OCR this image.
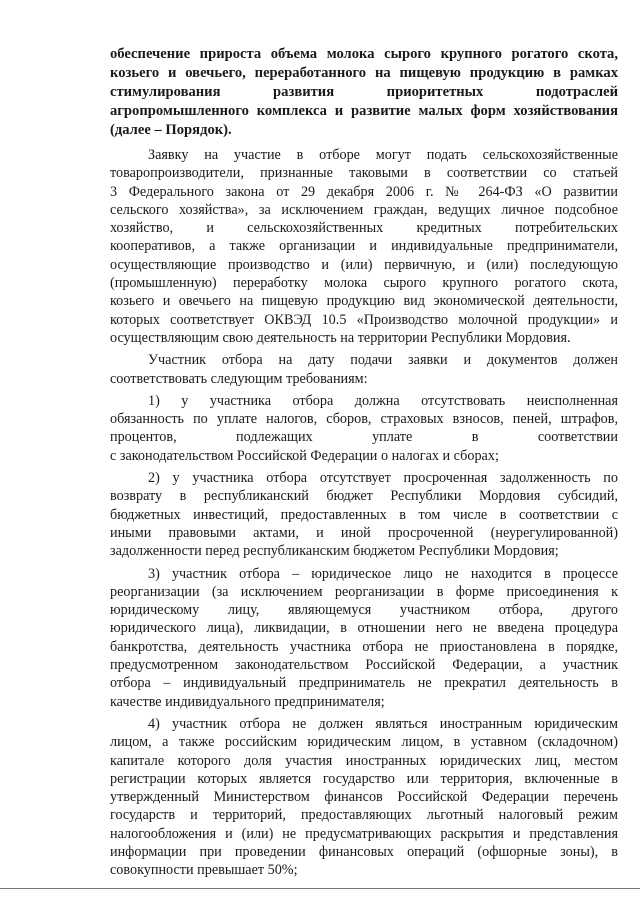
обеспечение прироста объема молока сырого крупного рогатого скота,
козьего и овечьего, переработанного на пищевую продукцию в рамках
стимулирования развития приоритетных подотраслей
агропромышленного комплекса и развитие малых форм хозяйствования
(далее – Порядок).
Заявку на участие в отборе могут подать сельскохозяйственные
товаропроизводители, признанные таковыми в соответствии со статьей
3 Федерального закона от 29 декабря 2006 г. № 264-ФЗ «О развитии
сельского хозяйства», за исключением граждан, ведущих личное подсобное
хозяйство, и сельскохозяйственных кредитных потребительских
кооперативов, а также организации и индивидуальные предприниматели,
осуществляющие производство и (или) первичную, и (или) последующую
(промышленную) переработку молока сырого крупного рогатого скота,
козьего и овечьего на пищевую продукцию вид экономической деятельности,
которых соответствует ОКВЭД 10.5 «Производство молочной продукции» и
осуществляющим свою деятельность на территории Республики Мордовия.
Участник отбора на дату подачи заявки и документов должен
соответствовать следующим требованиям:
1) у участника отбора должна отсутствовать неисполненная
обязанность по уплате налогов, сборов, страховых взносов, пеней, штрафов,
процентов, подлежащих уплате в соответствии
с законодательством Российской Федерации о налогах и сборах;
2) у участника отбора отсутствует просроченная задолженность по
возврату в республиканский бюджет Республики Мордовия субсидий,
бюджетных инвестиций, предоставленных в том числе в соответствии с
иными правовыми актами, и иной просроченной (неурегулированной)
задолженности перед республиканским бюджетом Республики Мордовия;
3) участник отбора – юридическое лицо не находится в процессе
реорганизации (за исключением реорганизации в форме присоединения к
юридическому лицу, являющемуся участником отбора, другого
юридического лица), ликвидации, в отношении него не введена процедура
банкротства, деятельность участника отбора не приостановлена в порядке,
предусмотренном законодательством Российской Федерации, а участник
отбора – индивидуальный предприниматель не прекратил деятельность в
качестве индивидуального предпринимателя;
4) участник отбора не должен являться иностранным юридическим
лицом, а также российским юридическим лицом, в уставном (складочном)
капитале которого доля участия иностранных юридических лиц, местом
регистрации которых является государство или территория, включенные в
утвержденный Министерством финансов Российской Федерации перечень
государств и территорий, предоставляющих льготный налоговый режим
налогообложения и (или) не предусматривающих раскрытия и представления
информации при проведении финансовых операций (офшорные зоны), в
совокупности превышает 50%;
